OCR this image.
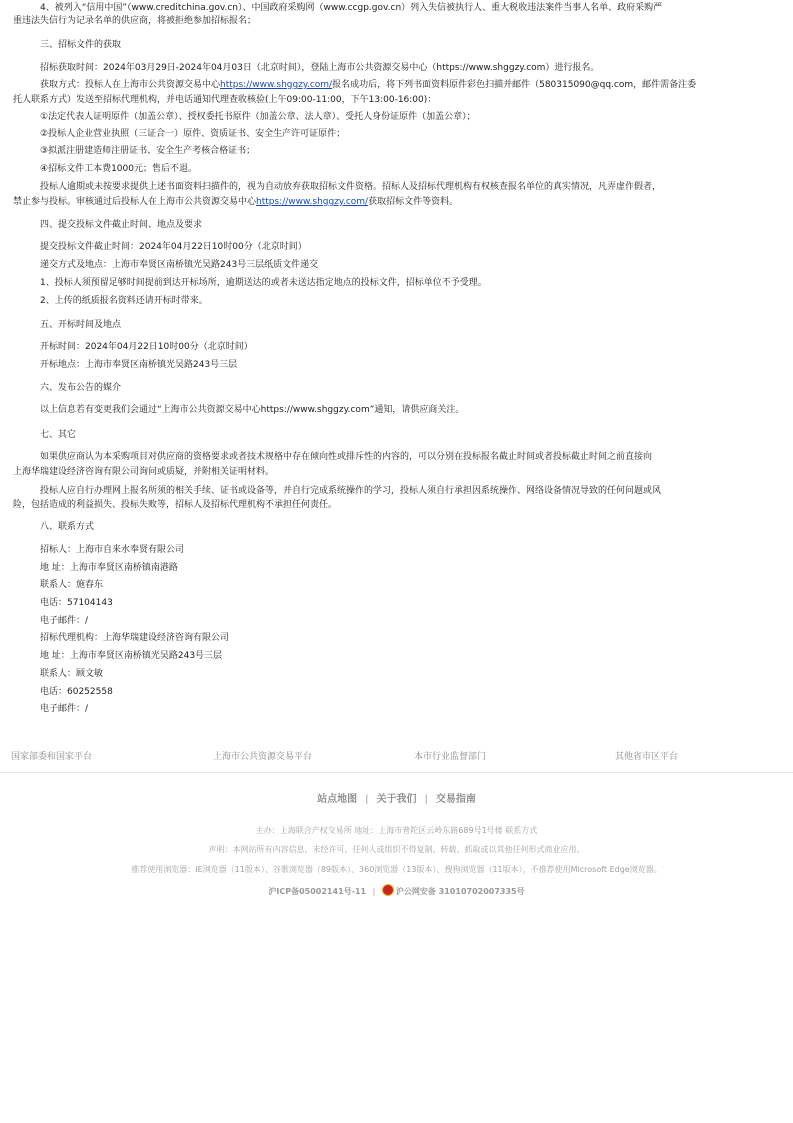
4、被列入“信用中国”（www.creditchina.gov.cn）、中国政府采购网（www.ccgp.gov.cn）列入失信被执行人、重大税收违法案件当事人名单、政府采购严
重违法失信行为记录名单的供应商，将被拒绝参加招标报名；
三、招标文件的获取
招标获取时间：2024年03月29日-2024年04月03日（北京时间），登陆上海市公共资源交易中心（https://www.shggzy.com）进行报名。
获取方式：投标人在上海市公共资源交易中心https://www.shggzy.com/报名成功后，将下列书面资料原件彩色扫描并邮件（580315090@qq.com，邮件需备注委
托人联系方式）发送至招标代理机构，并电话通知代理查收核验(上午09:00-11:00，下午13:00-16:00)：
①法定代表人证明原件（加盖公章）、授权委托书原件（加盖公章、法人章）、受托人身份证原件（加盖公章）；
②投标人企业营业执照（三证合一）原件、资质证书、安全生产许可证原件；
③拟派注册建造师注册证书、安全生产考核合格证书；
④招标文件工本费1000元；售后不退。
投标人逾期或未按要求提供上述书面资料扫描件的，视为自动放弃获取招标文件资格。招标人及招标代理机构有权核查报名单位的真实情况，凡弄虚作假者，
禁止参与投标。审核通过后投标人在上海市公共资源交易中心https://www.shggzy.com/获取招标文件等资料。
四、提交投标文件截止时间、地点及要求
提交投标文件截止时间：2024年04月22日10时00分（北京时间）
递交方式及地点：上海市奉贤区南桥镇光吴路243号三层纸质文件递交
1、投标人须预留足够时间提前到达开标场所，逾期送达的或者未送达指定地点的投标文件，招标单位不予受理。
2、上传的纸质报名资料还请开标时带来。
五、开标时间及地点
开标时间：2024年04月22日10时00分（北京时间）
开标地点：上海市奉贤区南桥镇光吴路243号三层
六、发布公告的媒介
以上信息若有变更我们会通过“上海市公共资源交易中心https://www.shggzy.com”通知，请供应商关注。
七、其它
如果供应商认为本采购项目对供应商的资格要求或者技术规格中存在倾向性或排斥性的内容的，可以分别在投标报名截止时间或者投标截止时间之前直接向
上海华瑞建设经济咨询有限公司询问或质疑，并附相关证明材料。
投标人应自行办理网上报名所须的相关手续、证书或设备等，并自行完成系统操作的学习，投标人须自行承担因系统操作、网络设备情况导致的任何问题或风
险，包括造成的利益损失、投标失败等，招标人及招标代理机构不承担任何责任。
八、联系方式
招标人：上海市自来水奉贤有限公司
地 址：上海市奉贤区南桥镇南港路
联系人：施春东
电话：57104143
电子邮件：/
招标代理机构：上海华瑞建设经济咨询有限公司
地 址：上海市奉贤区南桥镇光吴路243号三层
联系人：顾文敏
电话：60252558
电子邮件：/
国家部委和国家平台	上海市公共资源交易平台	本市行业监督部门	其他省市区平台
站点地图 | 关于我们 | 交易指南
主办：上海联合产权交易所 地址：上海市普陀区云岭东路689号1号楼 联系方式
声明：本网站所有内容信息，未经许可，任何人或组织不得复制、转载、抓取或以其他任何形式商业应用。
推荐使用浏览器：IE浏览器（11版本）、谷歌浏览器（89版本）、360浏览器（13版本）、搜狗浏览器（11版本），不推荐使用Microsoft Edge浏览器。
沪ICP备05002141号-11 |	沪公网安备 31010702007335号
